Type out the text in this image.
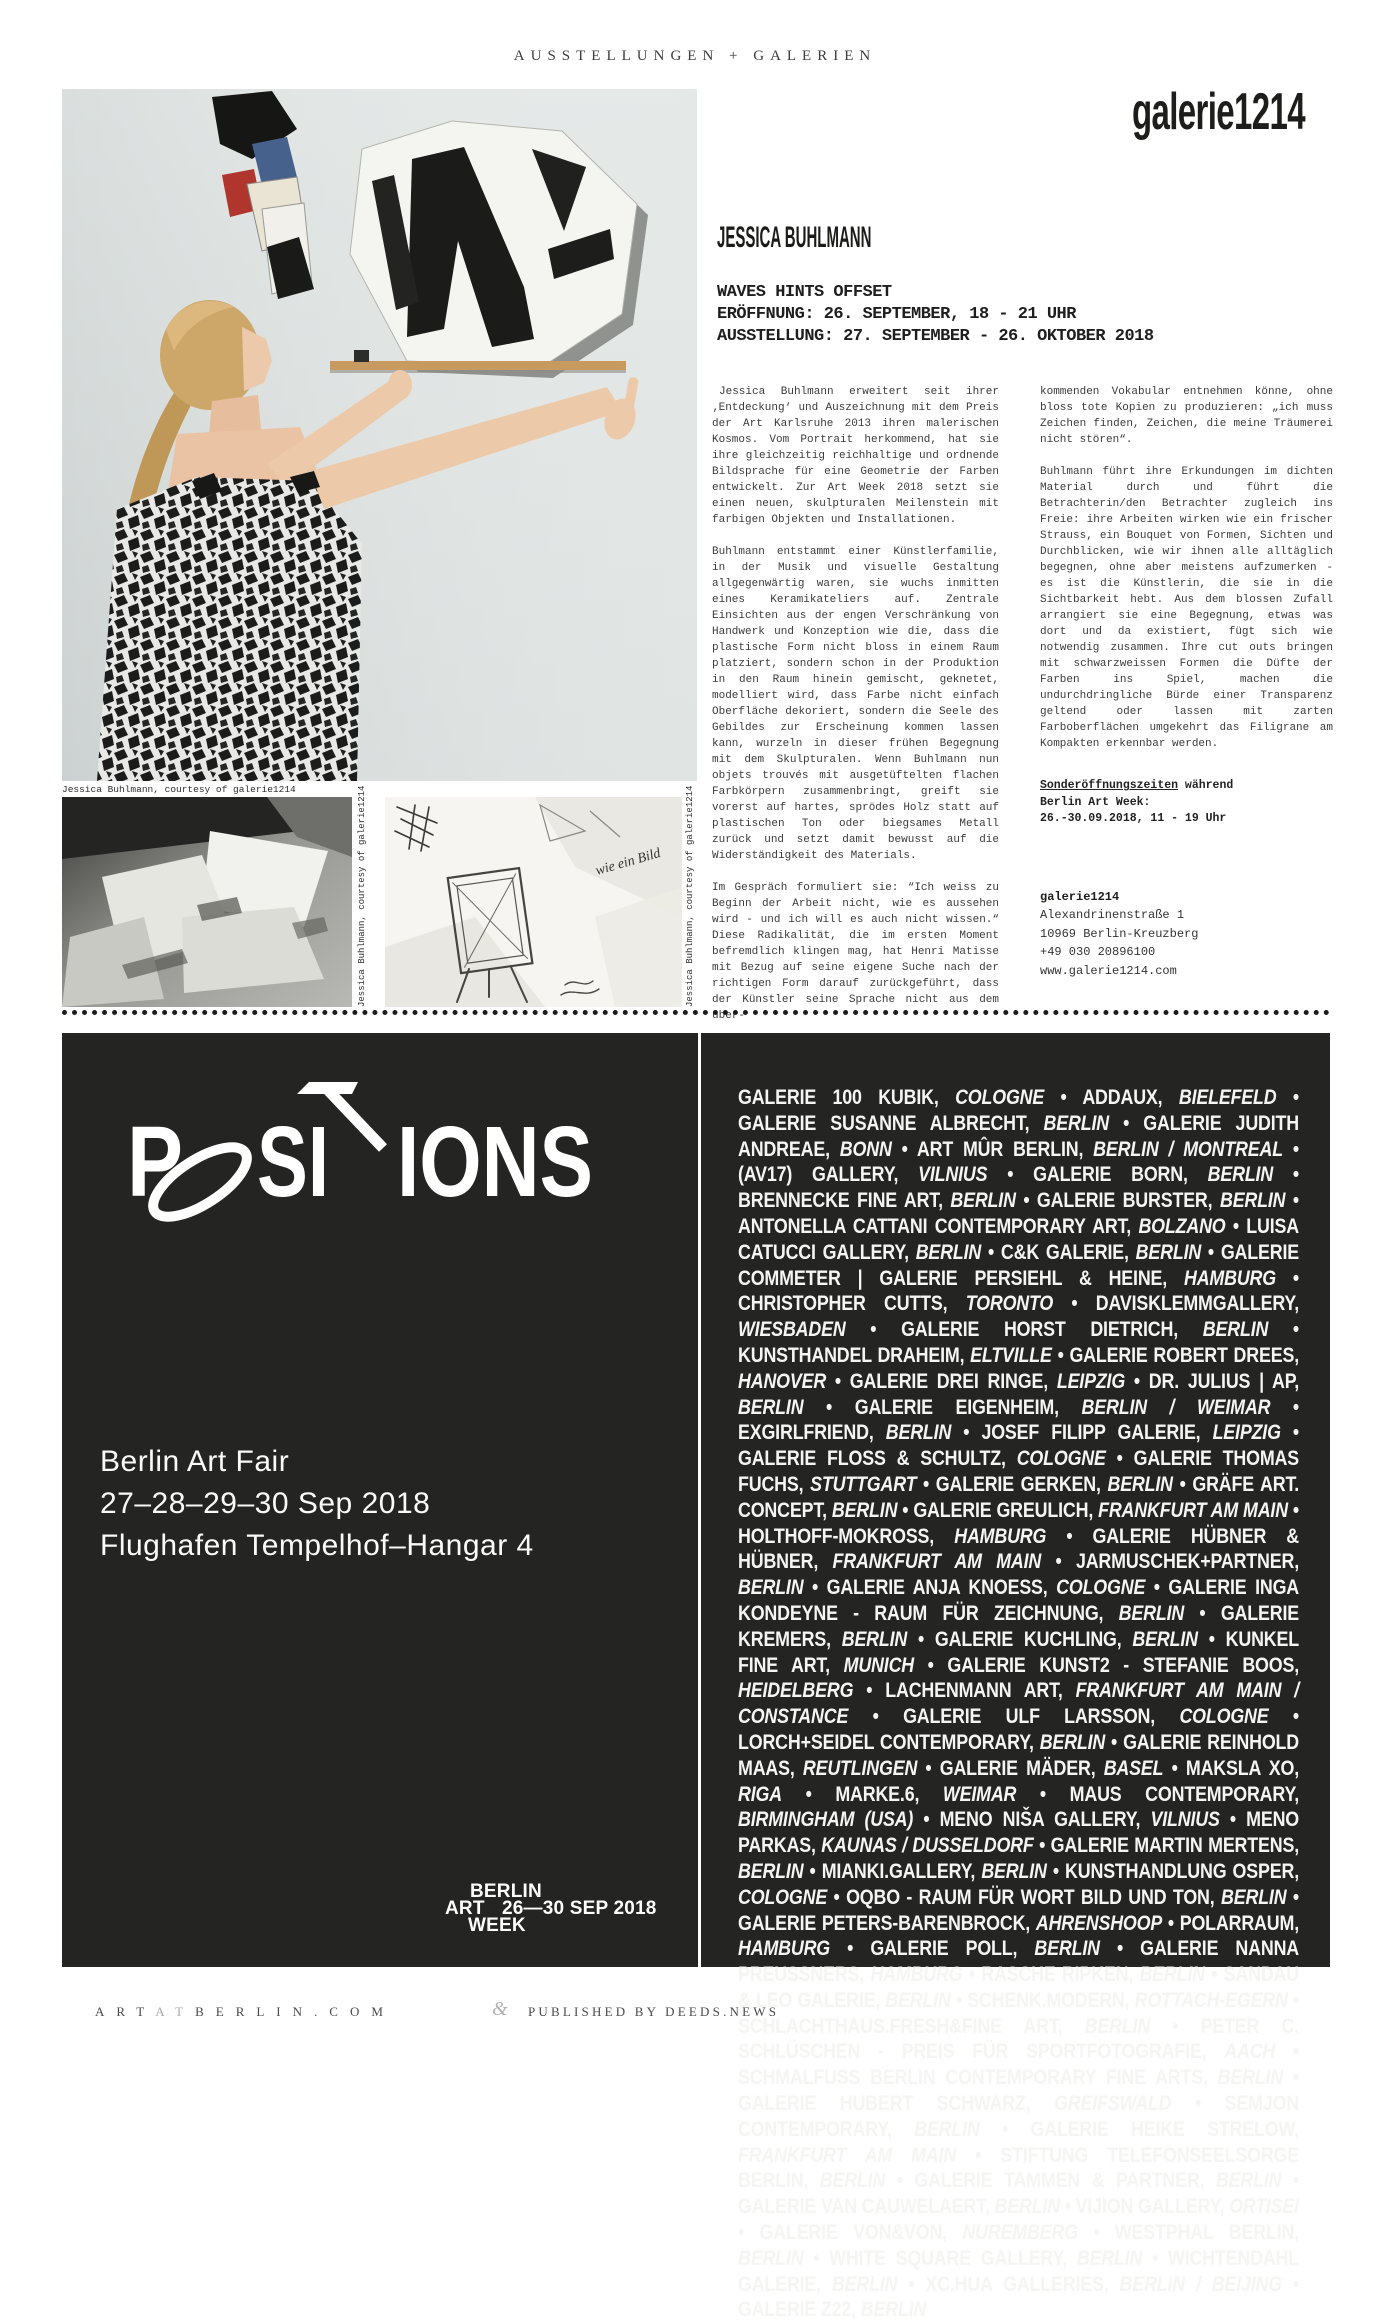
AUSSTELLUNGEN + GALERIEN
Jessica Buhlmann, courtesy of galerie1214	Jessica Buhlmann, courtesy of galerie1214	wie ein Bild	Jessica Buhlmann, courtesy of galerie1214
galerie1214
JESSICA BUHLMANN
WAVES HINTS OFFSET
ERÖFFNUNG: 26. SEPTEMBER, 18 - 21 UHR
AUSSTELLUNG: 27. SEPTEMBER - 26. OKTOBER 2018

Jessica Buhlmann erweitert seit ihrer ‚Entdeckung‘ und Auszeichnung mit dem Preis der Art Karlsruhe 2013 ihren malerischen Kosmos. Vom Portrait herkommend, hat sie ihre gleichzeitig reichhaltige und ordnende Bildsprache für eine Geometrie der Farben entwickelt. Zur Art Week 2018 setzt sie einen neuen, skulpturalen Meilenstein mit farbigen Objekten und Installationen.

Buhlmann entstammt einer Künstlerfamilie, in der Musik und visuelle Gestaltung allgegenwärtig waren, sie wuchs inmitten eines Keramikateliers auf. Zentrale Einsichten aus der engen Verschränkung von Handwerk und Konzeption wie die, dass die plastische Form nicht bloss in einem Raum platziert, sondern schon in der Produktion in den Raum hinein gemischt, geknetet, modelliert wird, dass Farbe nicht einfach Oberfläche dekoriert, sondern die Seele des Gebildes zur Erscheinung kommen lassen kann, wurzeln in dieser frühen Begegnung mit dem Skulpturalen. Wenn Buhlmann nun objets trouvés mit ausgetüftelten flachen Farbkörpern zusammenbringt, greift sie vorerst auf hartes, sprödes Holz statt auf plastischen Ton oder biegsames Metall zurück und setzt damit bewusst auf die Widerständigkeit des Materials.

Im Gespräch formuliert sie: “Ich weiss zu Beginn der Arbeit nicht, wie es aussehen wird - und ich will es auch nicht wissen.“ Diese Radikalität, die im ersten Moment befremdlich klingen mag, hat Henri Matisse mit Bezug auf seine eigene Suche nach der richtigen Form darauf zurückgeführt, dass der Künstler seine Sprache nicht aus dem über-

kommenden Vokabular entnehmen könne, ohne bloss tote Kopien zu produzieren: „ich muss Zeichen finden, Zeichen, die meine Träumerei nicht stören“.

Buhlmann führt ihre Erkundungen im dichten Material durch und führt die Betrachterin/den Betrachter zugleich ins Freie: ihre Arbeiten wirken wie ein frischer Strauss, ein Bouquet von Formen, Sichten und Durchblicken, wie wir ihnen alle alltäglich begegnen, ohne aber meistens aufzumerken - es ist die Künstlerin, die sie in die Sichtbarkeit hebt. Aus dem blossen Zufall arrangiert sie eine Begegnung, etwas was dort und da existiert, fügt sich wie notwendig zusammen. Ihre cut outs bringen mit schwarzweissen Formen die Düfte der Farben ins Spiel, machen die undurchdringliche Bürde einer Transparenz geltend oder lassen mit zarten Farboberflächen umgekehrt das Filigrane am Kompakten erkennbar werden.

Sonderöffnungszeiten während
Berlin Art Week:
26.-30.09.2018, 11 - 19 Uhr
galerie1214
Alexandrinenstraße 1
10969 Berlin-Kreuzberg
+49 030 20896100
www.galerie1214.com
P SI IONS
Berlin Art Fair
27–28–29–30 Sep 2018
Flughafen Tempelhof–Hangar 4
BERLIN
ART 26—30 SEP 2018
WEEK
GALERIE 100 KUBIK, COLOGNE • ADDAUX, BIELEFELD • GALERIE SUSANNE ALBRECHT, BERLIN • GALERIE JUDITH ANDREAE, BONN • ART MÛR BERLIN, BERLIN / MONTREAL • (AV17) GALLERY, VILNIUS • GALERIE BORN, BERLIN • BRENNECKE FINE ART, BERLIN • GALERIE BURSTER, BERLIN • ANTONELLA CATTANI CONTEMPORARY ART, BOLZANO • LUISA CATUCCI GALLERY, BERLIN • C&K GALERIE, BERLIN • GALERIE COMMETER | GALERIE PERSIEHL & HEINE, HAMBURG • CHRISTOPHER CUTTS, TORONTO • DAVISKLEMMGALLERY, WIESBADEN • GALERIE HORST DIETRICH, BERLIN • KUNSTHANDEL DRAHEIM, ELTVILLE • GALERIE ROBERT DREES, HANOVER • GALERIE DREI RINGE, LEIPZIG • DR. JULIUS | AP, BERLIN • GALERIE EIGENHEIM, BERLIN / WEIMAR • EXGIRLFRIEND, BERLIN • JOSEF FILIPP GALERIE, LEIPZIG • GALERIE FLOSS & SCHULTZ, COLOGNE • GALERIE THOMAS FUCHS, STUTTGART • GALERIE GERKEN, BERLIN • GRÄFE ART. CONCEPT, BERLIN • GALERIE GREULICH, FRANKFURT AM MAIN • HOLTHOFF-MOKROSS, HAMBURG • GALERIE HÜBNER & HÜBNER, FRANKFURT AM MAIN • JARMUSCHEK+PARTNER, BERLIN • GALERIE ANJA KNOESS, COLOGNE • GALERIE INGA KONDEYNE - RAUM FÜR ZEICHNUNG, BERLIN • GALERIE KREMERS, BERLIN • GALERIE KUCHLING, BERLIN • KUNKEL FINE ART, MUNICH • GALERIE KUNST2 - STEFANIE BOOS, HEIDELBERG • LACHENMANN ART, FRANKFURT AM MAIN / CONSTANCE • GALERIE ULF LARSSON, COLOGNE • LORCH+SEIDEL CONTEMPORARY, BERLIN • GALERIE REINHOLD MAAS, REUTLINGEN • GALERIE MÄDER, BASEL • MAKSLA XO, RIGA • MARKE.6, WEIMAR • MAUS CONTEMPORARY, BIRMINGHAM (USA) • MENO NIŠA GALLERY, VILNIUS • MENO PARKAS, KAUNAS / DUSSELDORF • GALERIE MARTIN MERTENS, BERLIN • MIANKI.GALLERY, BERLIN • KUNSTHANDLUNG OSPER, COLOGNE • OQBO - RAUM FÜR WORT BILD UND TON, BERLIN • GALERIE PETERS-BARENBROCK, AHRENSHOOP • POLARRAUM, HAMBURG • GALERIE POLL, BERLIN • GALERIE NANNA PREUSSNERS, HAMBURG • RASCHE RIPKEN, BERLIN • SANDAU & LEO GALERIE, BERLIN • SCHENK.MODERN, ROTTACH-EGERN • SCHLACHTHAUS.FRESH&FINE ART, BERLIN • PETER C. SCHLÜSCHEN - PREIS FÜR SPORTFOTOGRAFIE, AACH • SCHMALFUSS BERLIN CONTEMPORARY FINE ARTS, BERLIN • GALERIE HUBERT SCHWARZ, GREIFSWALD • SEMJON CONTEMPORARY, BERLIN • GALERIE HEIKE STRELOW, FRANKFURT AM MAIN • STIFTUNG TELEFONSEELSORGE BERLIN, BERLIN • GALERIE TAMMEN & PARTNER, BERLIN • GALERIE VAN CAUWELAERT, BERLIN • VIJION GALLERY, ORTISEI • GALERIE VON&VON, NUREMBERG • WESTPHAL BERLIN, BERLIN • WHITE SQUARE GALLERY, BERLIN • WICHTENDAHL GALERIE, BERLIN • XC.HUA GALLERIES, BERLIN / BEIJING • GALERIE Z22, BERLIN
ARTATBERLIN.COM	& PUBLISHED BY DEEDS.NEWS
